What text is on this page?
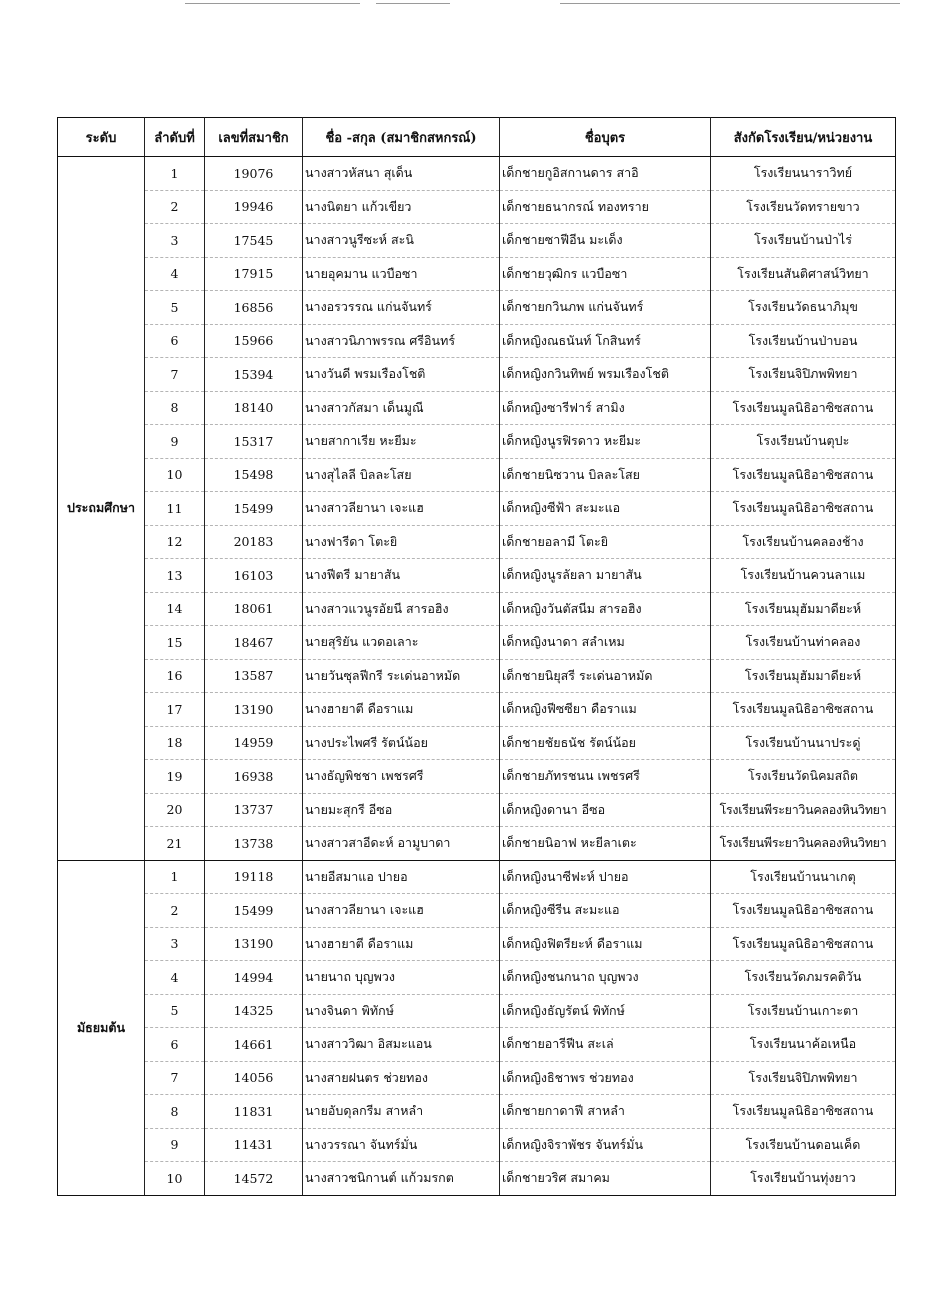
ระดับ	ลำดับที่	เลขที่สมาชิก	ชื่อ -สกุล (สมาชิกสหกรณ์)	ชื่อบุตร	สังกัดโรงเรียน/หน่วยงาน
ประถมศึกษา	1	19076	นางสาวหัสนา สุเด็น	เด็กชายกูอิสกานดาร สาอิ	โรงเรียนนาราวิทย์
	2	19946	นางนิตยา แก้วเขียว	เด็กชายธนากรณ์ ทองทราย	โรงเรียนวัดทรายขาว
	3	17545	นางสาวนูรีซะห์ สะนิ	เด็กชายซาฟีอีน มะเด็ง	โรงเรียนบ้านป่าไร่
	4	17915	นายอุคมาน แวบือซา	เด็กชายวุฒิกร แวบือซา	โรงเรียนสันติศาสน์วิทยา
	5	16856	นางอรวรรณ แก่นจันทร์	เด็กชายกวินภพ แก่นจันทร์	โรงเรียนวัดธนาภิมุข
	6	15966	นางสาวนิภาพรรณ ศรีอินทร์	เด็กหญิงณธนันท์ โกสินทร์	โรงเรียนบ้านป่าบอน
	7	15394	นางวันดี พรมเรืองโชติ	เด็กหญิงกวินทิพย์ พรมเรืองโชติ	โรงเรียนจิปิภพพิทยา
	8	18140	นางสาวกัสมา เด็นมูณี	เด็กหญิงซารีฟาร์ สามิง	โรงเรียนมูลนิธิอาซิซสถาน
	9	15317	นายสากาเรีย หะยีมะ	เด็กหญิงนูรฟิรดาว หะยีมะ	โรงเรียนบ้านตุปะ
	10	15498	นางสุไลลี บิลละโสย	เด็กชายนิซวาน บิลละโสย	โรงเรียนมูลนิธิอาซิซสถาน
	11	15499	นางสาวลียานา เจะแฮ	เด็กหญิงซีฟ้า สะมะแอ	โรงเรียนมูลนิธิอาซิซสถาน
	12	20183	นางฟารีดา โตะยิ	เด็กชายอลามี โตะยิ	โรงเรียนบ้านคลองช้าง
	13	16103	นางฟีตรี มายาสัน	เด็กหญิงนูรลัยลา มายาสัน	โรงเรียนบ้านควนลาแม
	14	18061	นางสาวแวนูรอัยนี สารอฮิง	เด็กหญิงวันตัสนีม สารอฮิง	โรงเรียนมุฮัมมาดียะห์
	15	18467	นายสุริยัน แวดอเลาะ	เด็กหญิงนาดา สลำเหม	โรงเรียนบ้านท่าคลอง
	16	13587	นายวันซุลฟีกรี ระเด่นอาหมัด	เด็กชายนิยุสรี ระเด่นอาหมัด	โรงเรียนมุฮัมมาดียะห์
	17	13190	นางฮายาตี ดือราแม	เด็กหญิงฟีซซียา ดือราแม	โรงเรียนมูลนิธิอาซิซสถาน
	18	14959	นางประไพศรี รัตน์น้อย	เด็กชายชัยธนัช รัตน์น้อย	โรงเรียนบ้านนาประดู่
	19	16938	นางธัญพิชชา เพชรศรี	เด็กชายภัทรชนน เพชรศรี	โรงเรียนวัดนิคมสถิต
	20	13737	นายมะสุกรี อีซอ	เด็กหญิงดานา อีซอ	โรงเรียนพีระยาวินคลองหินวิทยา
	21	13738	นางสาวสาอีดะห์ อามูบาดา	เด็กชายนิอาฟ หะยีลาเตะ	โรงเรียนพีระยาวินคลองหินวิทยา
มัธยมต้น	1	19118	นายอีสมาแอ ปายอ	เด็กหญิงนาซีฟะห์ ปายอ	โรงเรียนบ้านนาเกตุ
	2	15499	นางสาวลียานา เจะแฮ	เด็กหญิงซีรีน สะมะแอ	โรงเรียนมูลนิธิอาซิซสถาน
	3	13190	นางฮายาตี ดือราแม	เด็กหญิงฟิตรียะห์ ดือราแม	โรงเรียนมูลนิธิอาซิซสถาน
	4	14994	นายนาถ บุญพวง	เด็กหญิงชนกนาถ บุญพวง	โรงเรียนวัดภมรคติวัน
	5	14325	นางจินดา พิทักษ์	เด็กหญิงธัญรัตน์ พิทักษ์	โรงเรียนบ้านเกาะตา
	6	14661	นางสาววิฒา อิสมะแอน	เด็กชายอารีฟีน สะเล่	โรงเรียนนาค้อเหนือ
	7	14056	นางสายฝนตร ช่วยทอง	เด็กหญิงธิชาพร ช่วยทอง	โรงเรียนจิปิภพพิทยา
	8	11831	นายอับดุลกรีม สาหลำ	เด็กชายกาดาฟี สาหลำ	โรงเรียนมูลนิธิอาซิซสถาน
	9	11431	นางวรรณา จันทร์มั่น	เด็กหญิงจิราพัชร จันทร์มั่น	โรงเรียนบ้านดอนเค็ด
	10	14572	นางสาวชนิกานต์ แก้วมรกต	เด็กชายวริศ สมาคม	โรงเรียนบ้านทุ่งยาว
